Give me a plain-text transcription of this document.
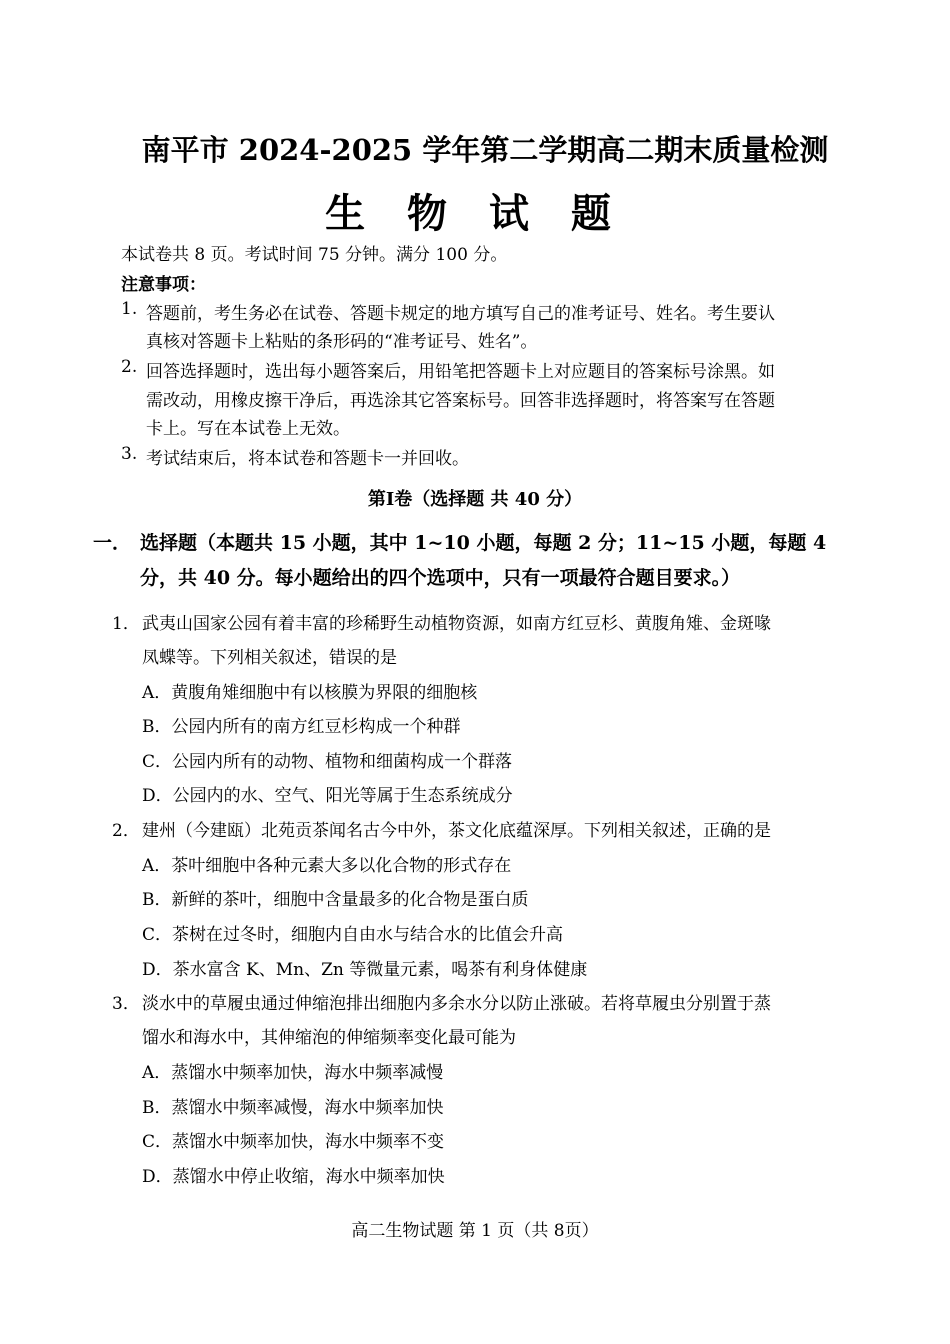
南平市 2024-2025 学年第二学期高二期末质量检测
生 物 试 题
本试卷共 8 页。考试时间 75 分钟。满分 100 分。
注意事项：
1. 答题前，考生务必在试卷、答题卡规定的地方填写自己的准考证号、姓名。考生要认
真核对答题卡上粘贴的条形码的“准考证号、姓名”。
2. 回答选择题时，选出每小题答案后，用铅笔把答题卡上对应题目的答案标号涂黑。如
需改动，用橡皮擦干净后，再选涂其它答案标号。回答非选择题时，将答案写在答题
卡上。写在本试卷上无效。
3. 考试结束后，将本试卷和答题卡一并回收。
第I卷（选择题 共 40 分）
一． 选择题（本题共 15 小题，其中 1~10 小题，每题 2 分；11~15 小题，每题 4
分，共 40 分。每小题给出的四个选项中，只有一项最符合题目要求。）
1． 武夷山国家公园有着丰富的珍稀野生动植物资源，如南方红豆杉、黄腹角雉、金斑喙
凤蝶等。下列相关叙述，错误的是
A．黄腹角雉细胞中有以核膜为界限的细胞核
B．公园内所有的南方红豆杉构成一个种群
C．公园内所有的动物、植物和细菌构成一个群落
D．公园内的水、空气、阳光等属于生态系统成分
2． 建州（今建瓯）北苑贡茶闻名古今中外，茶文化底蕴深厚。下列相关叙述，正确的是
A．茶叶细胞中各种元素大多以化合物的形式存在
B．新鲜的茶叶，细胞中含量最多的化合物是蛋白质
C．茶树在过冬时，细胞内自由水与结合水的比值会升高
D．茶水富含 K、Mn、Zn 等微量元素，喝茶有利身体健康
3． 淡水中的草履虫通过伸缩泡排出细胞内多余水分以防止涨破。若将草履虫分别置于蒸
馏水和海水中，其伸缩泡的伸缩频率变化最可能为
A．蒸馏水中频率加快，海水中频率减慢
B．蒸馏水中频率减慢，海水中频率加快
C．蒸馏水中频率加快，海水中频率不变
D．蒸馏水中停止收缩，海水中频率加快
高二生物试题 第 1 页（共 8页）
